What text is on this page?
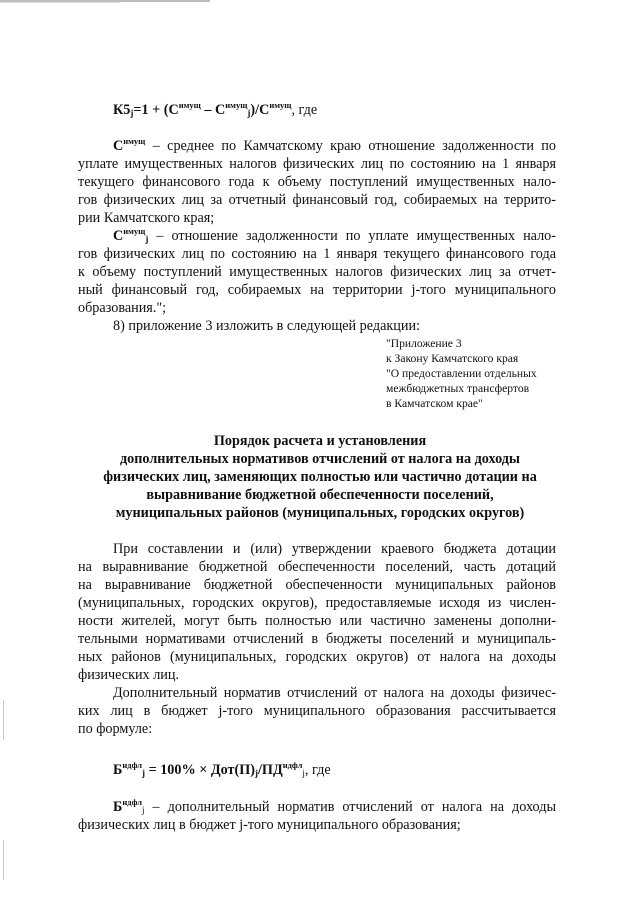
$К5_j=1 + (С^{имущ} - С^{имущ}_j)/С^{имущ}$, где
$С^{имущ}$ – среднее по Камчатскому краю отношение задолженности по
уплате имущественных налогов физических лиц по состоянию на 1 января
текущего финансового года к объему поступлений имущественных нало-
гов физических лиц за отчетный финансовый год, собираемых на террито-
рии Камчатского края;
$С^{имущ}_j$ – отношение задолженности по уплате имущественных нало-
гов физических лиц по состоянию на 1 января текущего финансового года
к объему поступлений имущественных налогов физических лиц за отчет-
ный финансовый год, собираемых на территории j-того муниципального
образования.";
8) приложение 3 изложить в следующей редакции:
"Приложение 3
к Закону Камчатского края
"О предоставлении отдельных
межбюджетных трансфертов
в Камчатском крае"
Порядок расчета и установления
дополнительных нормативов отчислений от налога на доходы
физических лиц, заменяющих полностью или частично дотации на
выравнивание бюджетной обеспеченности поселений,
муниципальных районов (муниципальных, городских округов)
При составлении и (или) утверждении краевого бюджета дотации
на выравнивание бюджетной обеспеченности поселений, часть дотаций
на выравнивание бюджетной обеспеченности муниципальных районов
(муниципальных, городских округов), предоставляемые исходя из числен-
ности жителей, могут быть полностью или частично заменены дополни-
тельными нормативами отчислений в бюджеты поселений и муниципаль-
ных районов (муниципальных, городских округов) от налога на доходы
физических лиц.
Дополнительный норматив отчислений от налога на доходы физичес-
ких лиц в бюджет j-того муниципального образования рассчитывается
по формуле:
$Б^{ндфл}_j = 100\% \times Дот(П)_j/ПД^{ндфл}_j$, где
$Б^{ндфл}_j$ – дополнительный норматив отчислений от налога на доходы
физических лиц в бюджет j-того муниципального образования;
